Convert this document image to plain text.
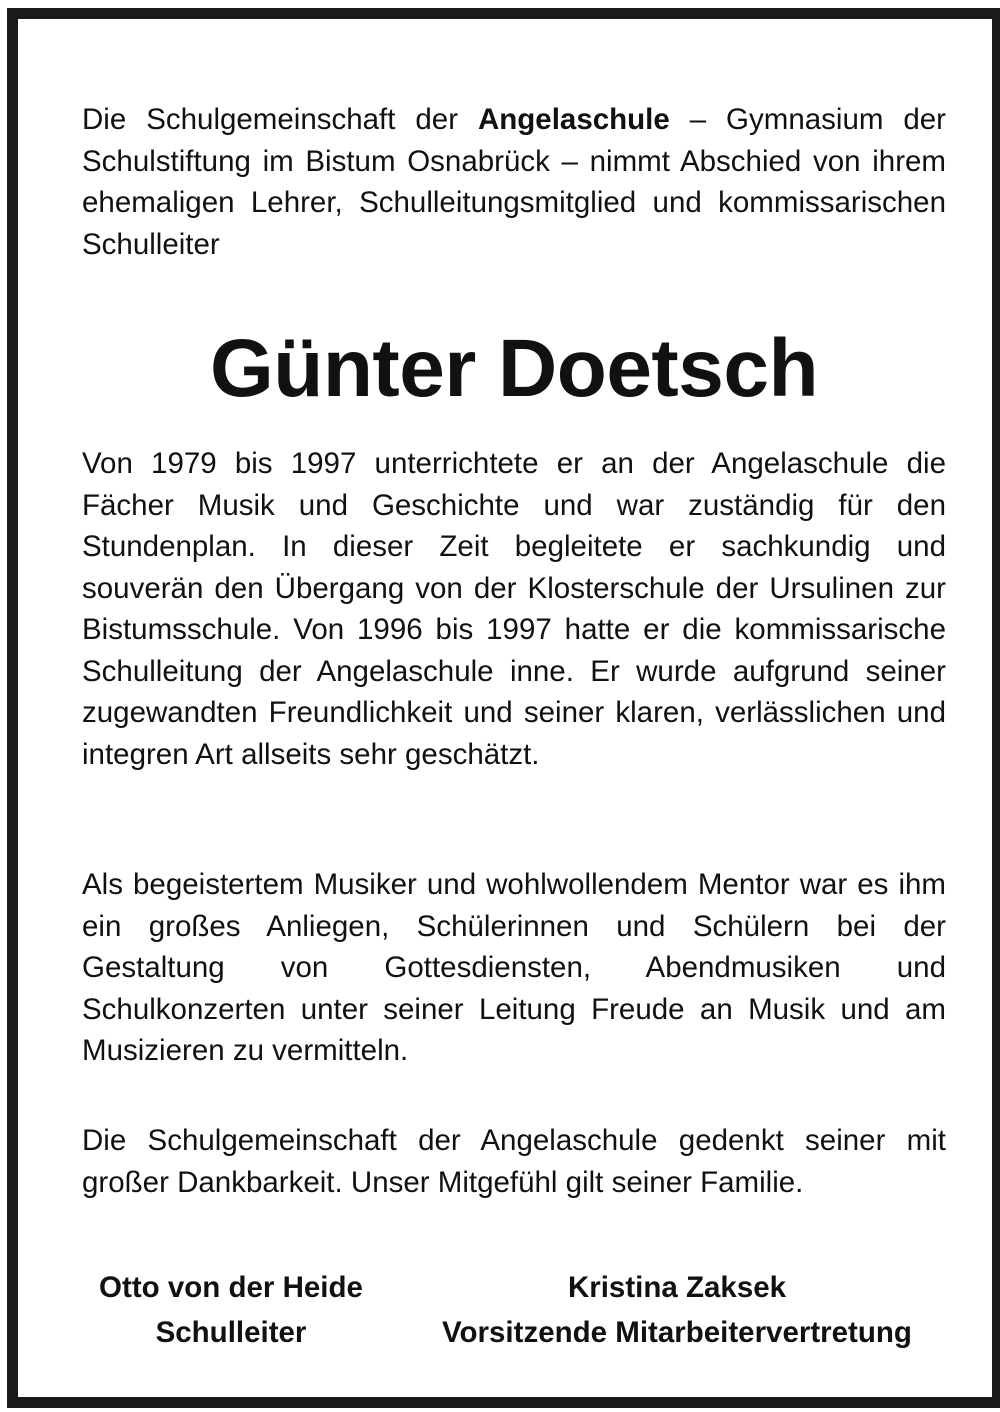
Die Schulgemeinschaft der Angelaschule – Gymnasium der Schulstiftung im Bistum Osnabrück – nimmt Abschied von ihrem ehemaligen Lehrer, Schulleitungsmitglied und kommissarischen Schulleiter

Günter Doetsch

Von 1979 bis 1997 unterrichtete er an der Angelaschule die Fächer Musik und Geschichte und war zuständig für den Stundenplan. In dieser Zeit begleitete er sachkundig und souverän den Übergang von der Klosterschule der Ursulinen zur Bistumsschule. Von 1996 bis 1997 hatte er die kommissarische Schulleitung der Angelaschule inne. Er wurde aufgrund seiner zugewandten Freundlichkeit und seiner klaren, verlässlichen und integren Art allseits sehr geschätzt.

Als begeistertem Musiker und wohlwollendem Mentor war es ihm ein großes Anliegen, Schülerinnen und Schülern bei der Gestaltung von Gottesdiensten, Abendmusiken und Schulkonzerten unter seiner Leitung Freude an Musik und am Musizieren zu vermitteln.

Die Schulgemeinschaft der Angelaschule gedenkt seiner mit großer Dankbarkeit. Unser Mitgefühl gilt seiner Familie.

Otto von der Heide
Schulleiter
Kristina Zaksek
Vorsitzende Mitarbeitervertretung
